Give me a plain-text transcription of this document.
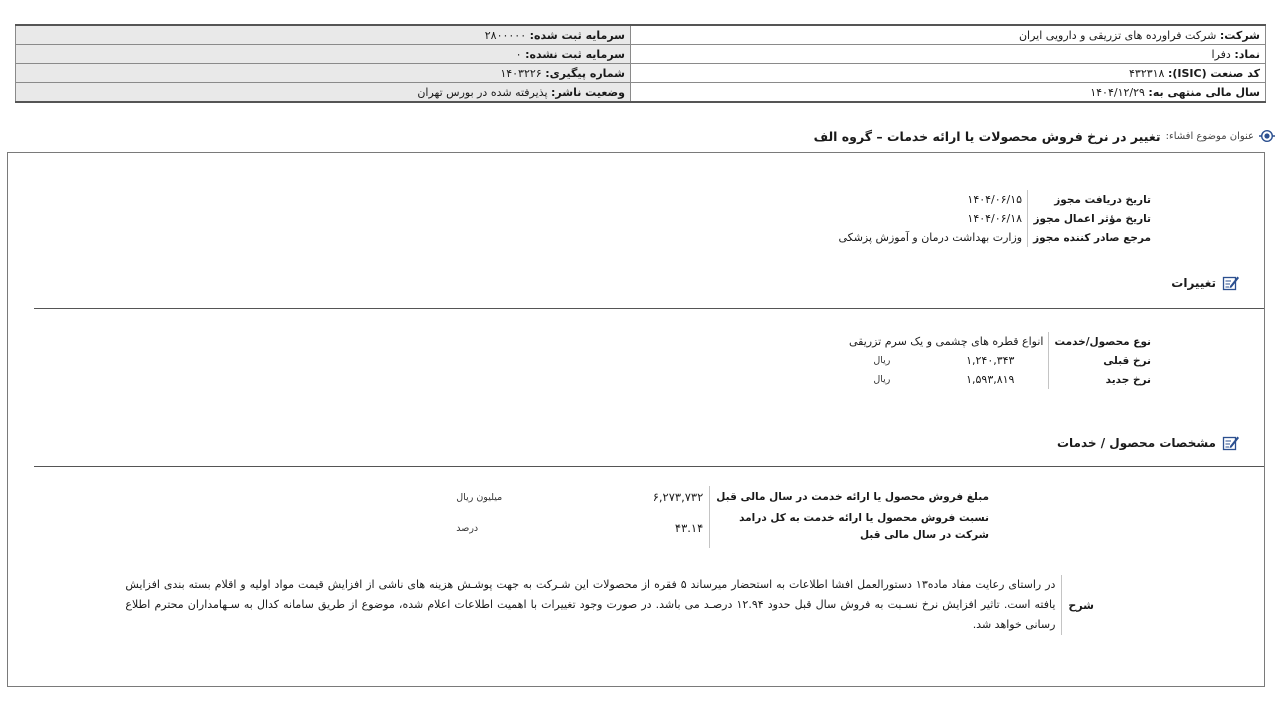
شرکت: شرکت فراورده های تزریقی و دارویی ایران	سرمایه ثبت شده: ۲۸۰۰۰۰۰
نماد: دفرا	سرمایه ثبت نشده: ۰
کد صنعت (ISIC): ۴۳۲۳۱۸	شماره پیگیری: ۱۴۰۳۲۲۶
سال مالی منتهی به: ۱۴۰۴/۱۲/۲۹	وضعیت ناشر: پذیرفته شده در بورس تهران
عنوان موضوع افشاء:
تغییر در نرخ فروش محصولات یا ارائه خدمات – گروه الف
تاریخ دریافت مجوز	۱۴۰۴/۰۶/۱۵
تاریخ مؤثر اعمال مجوز	۱۴۰۴/۰۶/۱۸
مرجع صادر کننده مجوز	وزارت بهداشت درمان و آموزش پزشکی
تغییرات
نوع محصول/خدمت	انواع قطره های چشمی و یک سرم تزریقی	
نرخ قبلی	۱,۲۴۰,۳۴۳	ریال
نرخ جدید	۱,۵۹۳,۸۱۹	ریال
مشخصات محصول / خدمات
مبلغ فروش محصول یا ارائه خدمت در سال مالی قبل	۶,۲۷۳,۷۳۲	میلیون ریال
نسبت فروش محصول یا ارائه خدمت به کل درامد شرکت در سال مالی قبل	۴۳.۱۴	درصد
شرح
در راستای رعایت مفاد ماده۱۳ دستورالعمل افشا اطلاعات به استحضار میرساند ۵ فقره از محصولات این شـرکت به جهت پوشـش هزینه های ناشی از افزایش قیمت مواد اولیه و اقلام بسته بندی افزایش یافته است. تاثیر افزایش نرخ نسـبت به فروش سال قبل حدود ۱۲.۹۴ درصـد می باشد. در صورت وجود تغییرات با اهمیت اطلاعات اعلام شده، موضوع از طریق سامانه کدال به سـهامداران محترم اطلاع رسانی خواهد شد.
